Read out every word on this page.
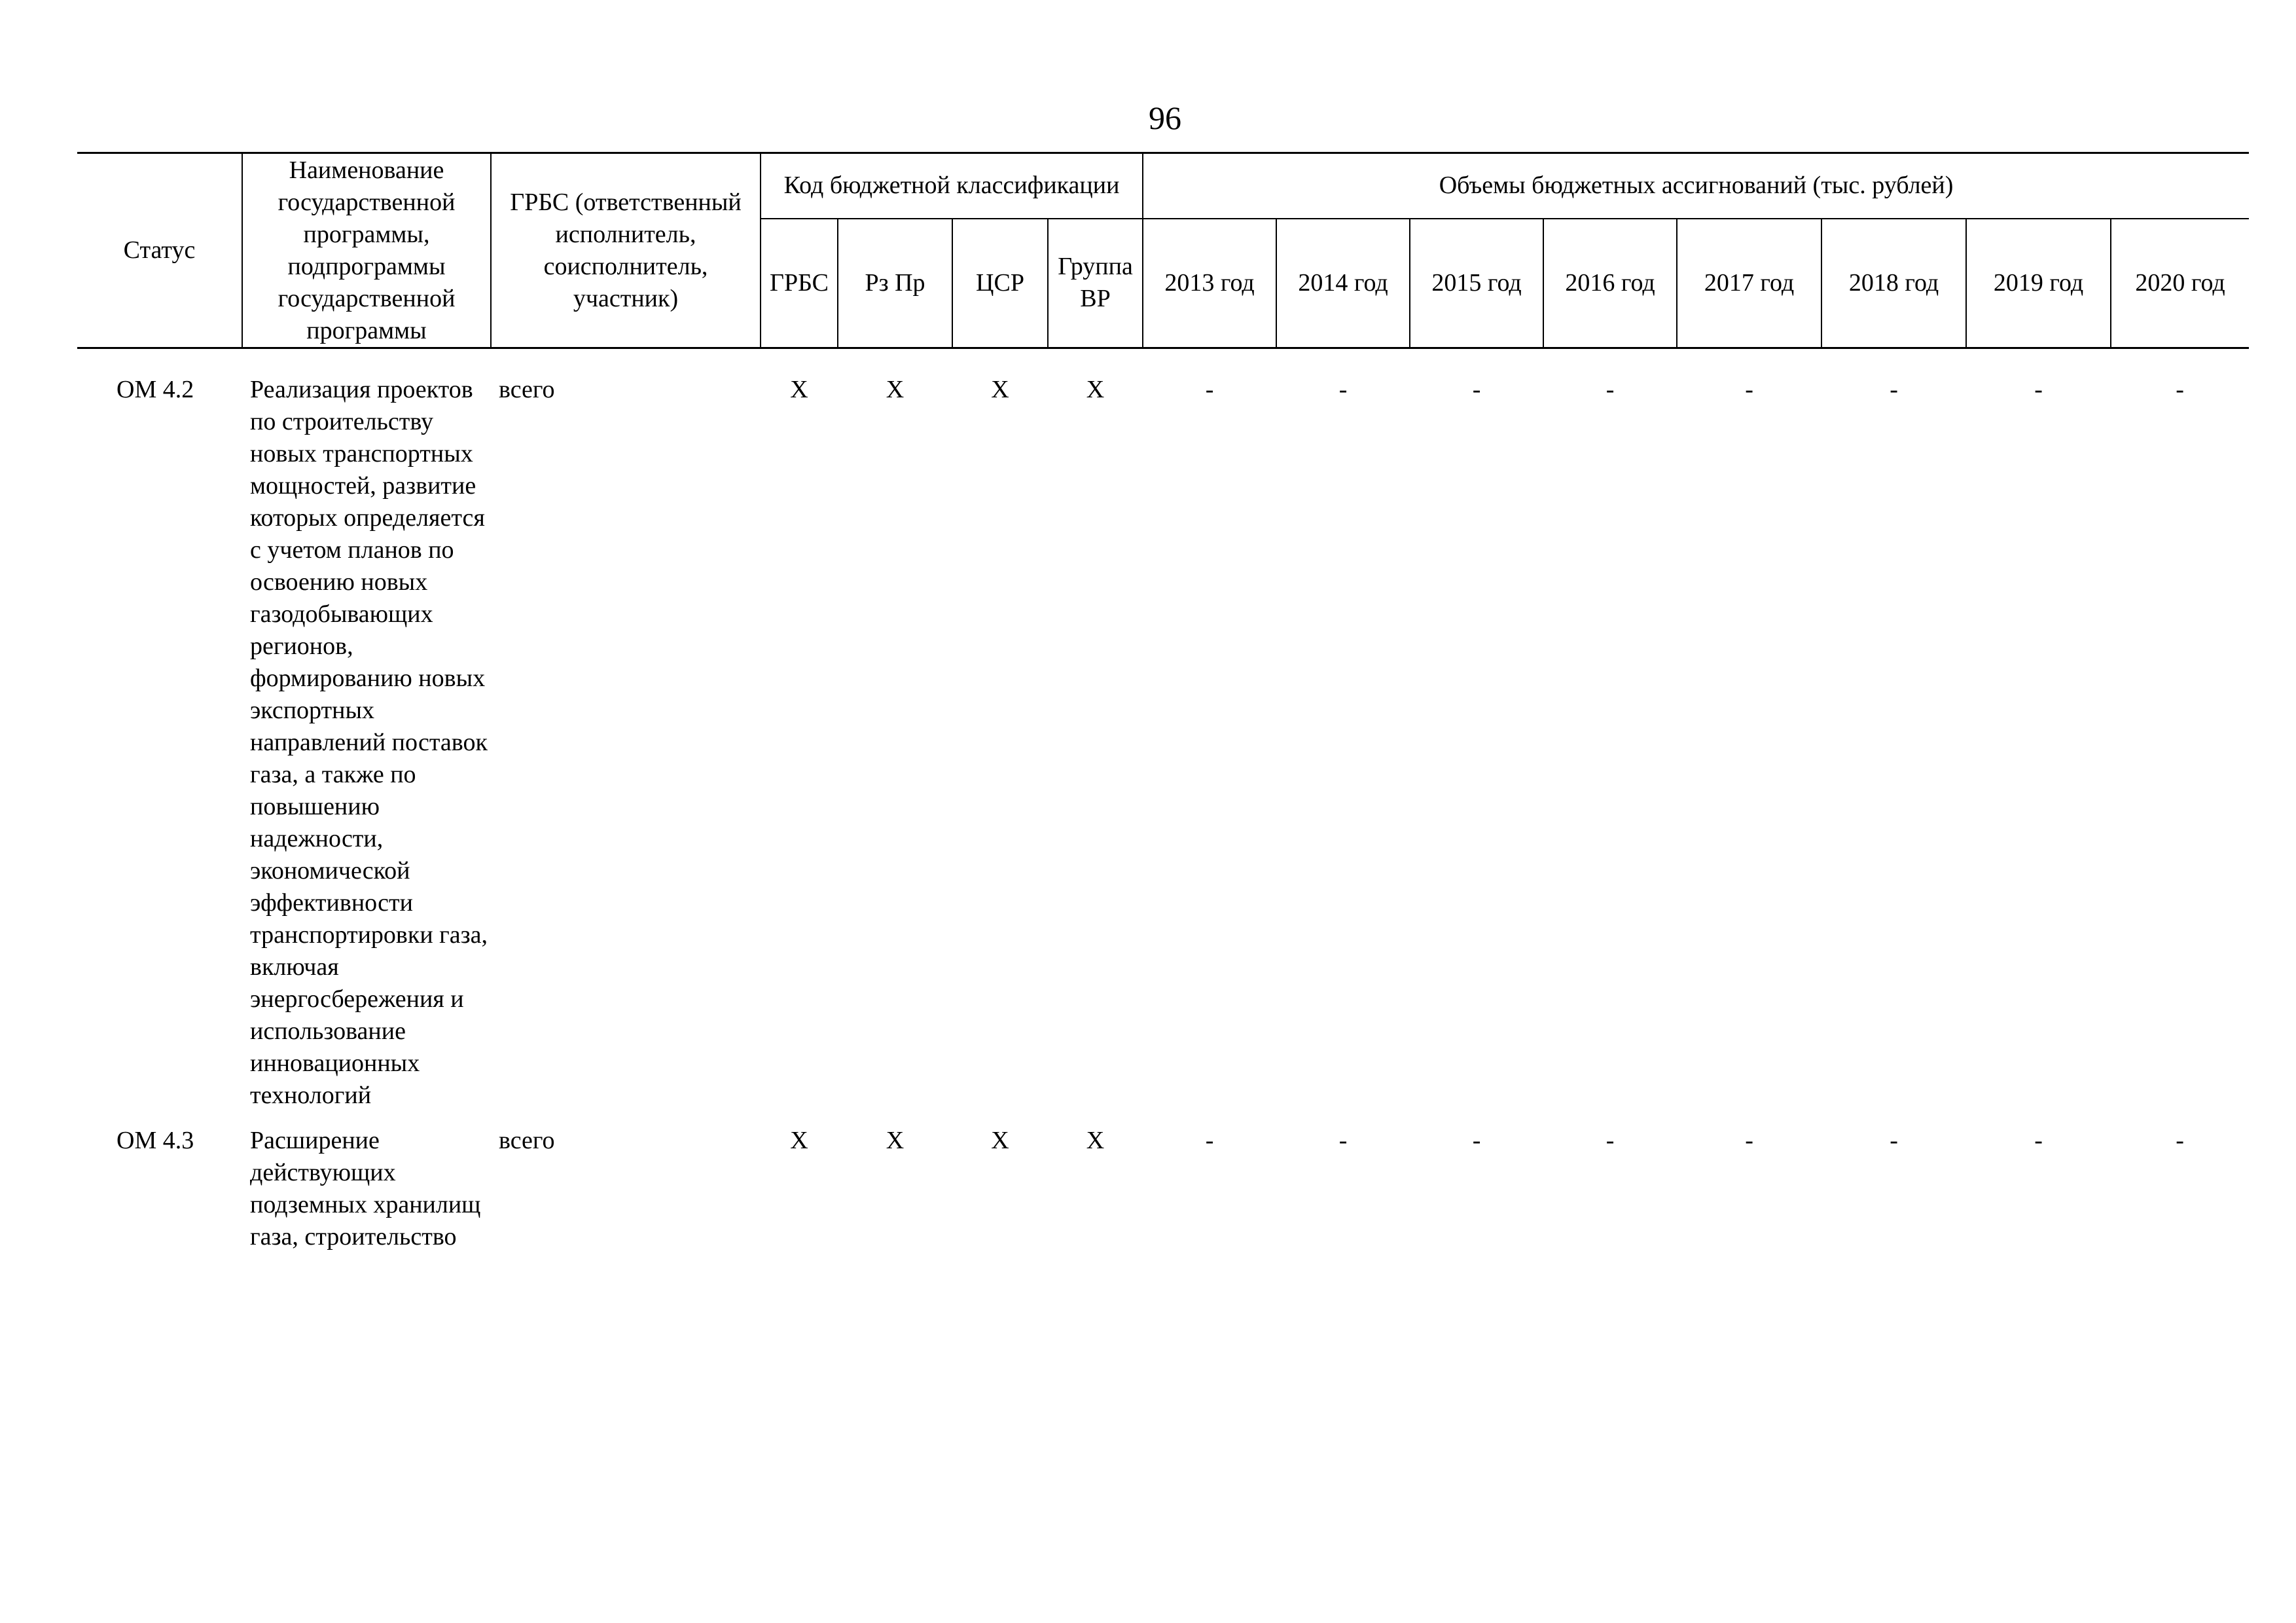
96
Статус	Наименование государственной программы, подпрограммы государственной программы	ГРБС (ответственный исполнитель, соисполнитель, участник)	Код бюджетной классификации				Объемы бюджетных ассигнований (тыс. рублей)							
			ГРБС	Рз Пр	ЦСР	Группа ВР	2013 год	2014 год	2015 год	2016 год	2017 год	2018 год	2019 год	2020 год

ОМ 4.2	Реализация проектов по строительству новых транспортных мощностей, развитие которых определяется с учетом планов по освоению новых газодобывающих регионов, формированию новых экспортных направлений поставок газа, а также по повышению надежности, экономической эффективности транспортировки газа, включая энергосбережения и использование инновационных технологий	всего	Х	Х	Х	Х	-	-	-	-	-	-	-	-
ОМ 4.3	Расширение действующих подземных хранилищ газа, строительство	всего	Х	Х	Х	Х	-	-	-	-	-	-	-	-
